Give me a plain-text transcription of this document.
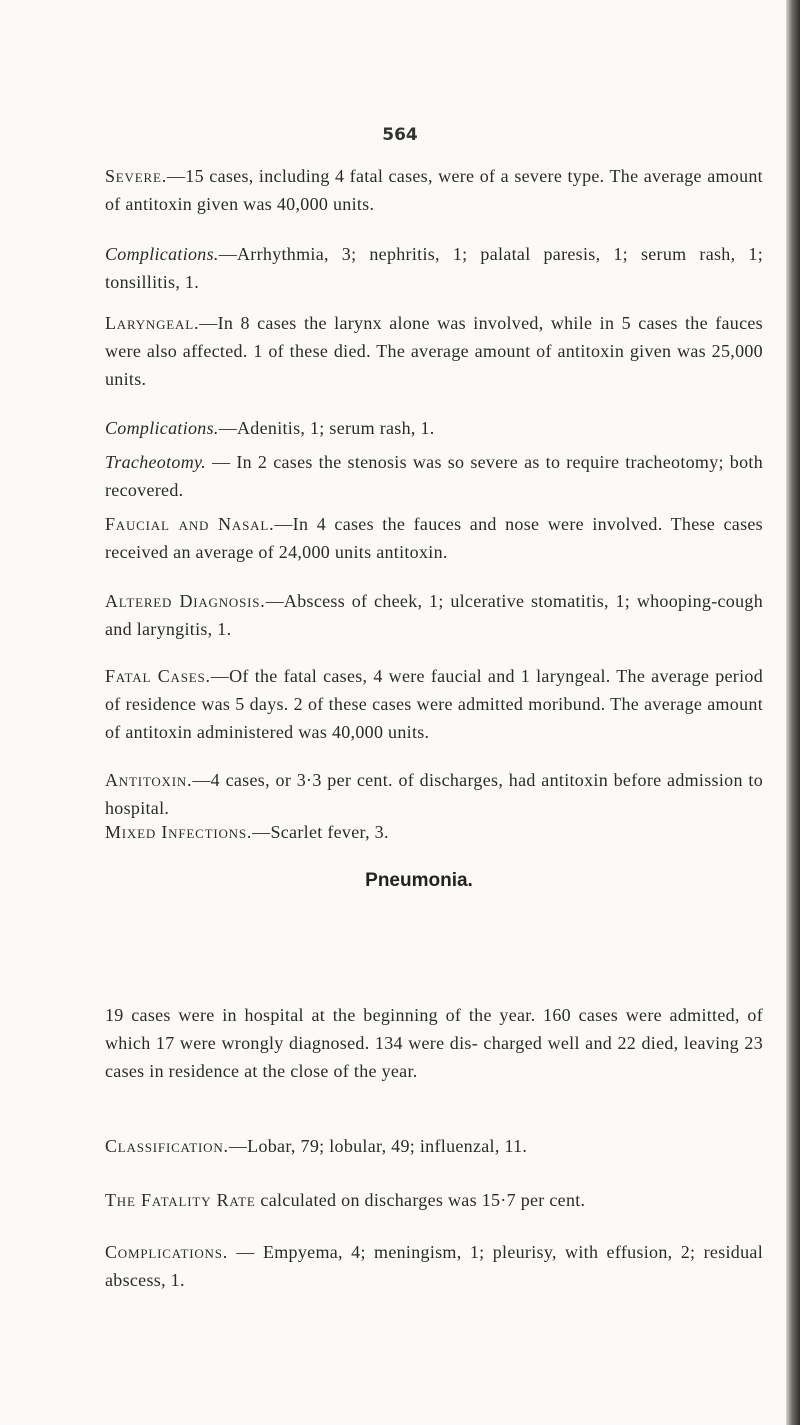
564

Severe.—15 cases, including 4 fatal cases, were of a severe type. The average amount of antitoxin given was 40,000 units.

Complications.—Arrhythmia, 3; nephritis, 1; palatal paresis, 1; serum rash, 1; tonsillitis, 1.

Laryngeal.—In 8 cases the larynx alone was involved, while in 5 cases the fauces were also affected. 1 of these died. The average amount of antitoxin given was 25,000 units.

Complications.—Adenitis, 1; serum rash, 1.

Tracheotomy. — In 2 cases the stenosis was so severe as to require tracheotomy; both recovered.

Faucial and Nasal.—In 4 cases the fauces and nose were involved. These cases received an average of 24,000 units antitoxin.

Altered Diagnosis.—Abscess of cheek, 1; ulcerative stomatitis, 1; whooping-cough and laryngitis, 1.

Fatal Cases.—Of the fatal cases, 4 were faucial and 1 laryngeal. The average period of residence was 5 days. 2 of these cases were admitted moribund. The average amount of antitoxin administered was 40,000 units.

Antitoxin.—4 cases, or 3·3 per cent. of discharges, had antitoxin before admission to hospital.

Mixed Infections.—Scarlet fever, 3.

Pneumonia.

19 cases were in hospital at the beginning of the year. 160 cases were admitted, of which 17 were wrongly diagnosed. 134 were dis- charged well and 22 died, leaving 23 cases in residence at the close of the year.

Classification.—Lobar, 79; lobular, 49; influenzal, 11.

The Fatality Rate calculated on discharges was 15·7 per cent.

Complications. — Empyema, 4; meningism, 1; pleurisy, with effusion, 2; residual abscess, 1.
